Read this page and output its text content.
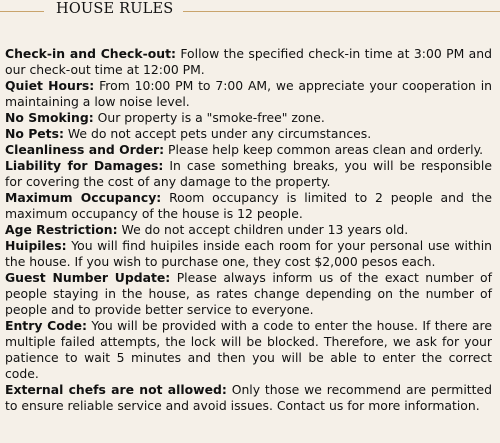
HOUSE RULES

Check-in and Check-out: Follow the specified check-in time at 3:00 PM and our check-out time at 12:00 PM.

Quiet Hours: From 10:00 PM to 7:00 AM, we appreciate your cooperation in maintaining a low noise level.

No Smoking: Our property is a "smoke-free" zone.

No Pets: We do not accept pets under any circumstances.

Cleanliness and Order: Please help keep common areas clean and orderly.

Liability for Damages: In case something breaks, you will be responsible for covering the cost of any damage to the property.

Maximum Occupancy: Room occupancy is limited to 2 people and the maximum occupancy of the house is 12 people.

Age Restriction: We do not accept children under 13 years old.

Huipiles: You will find huipiles inside each room for your personal use within the house. If you wish to purchase one, they cost $2,000 pesos each.

Guest Number Update: Please always inform us of the exact number of people staying in the house, as rates change depending on the number of people and to provide better service to everyone.

Entry Code: You will be provided with a code to enter the house. If there are multiple failed attempts, the lock will be blocked. Therefore, we ask for your patience to wait 5 minutes and then you will be able to enter the correct code.

External chefs are not allowed: Only those we recommend are permitted to ensure reliable service and avoid issues. Contact us for more information.
